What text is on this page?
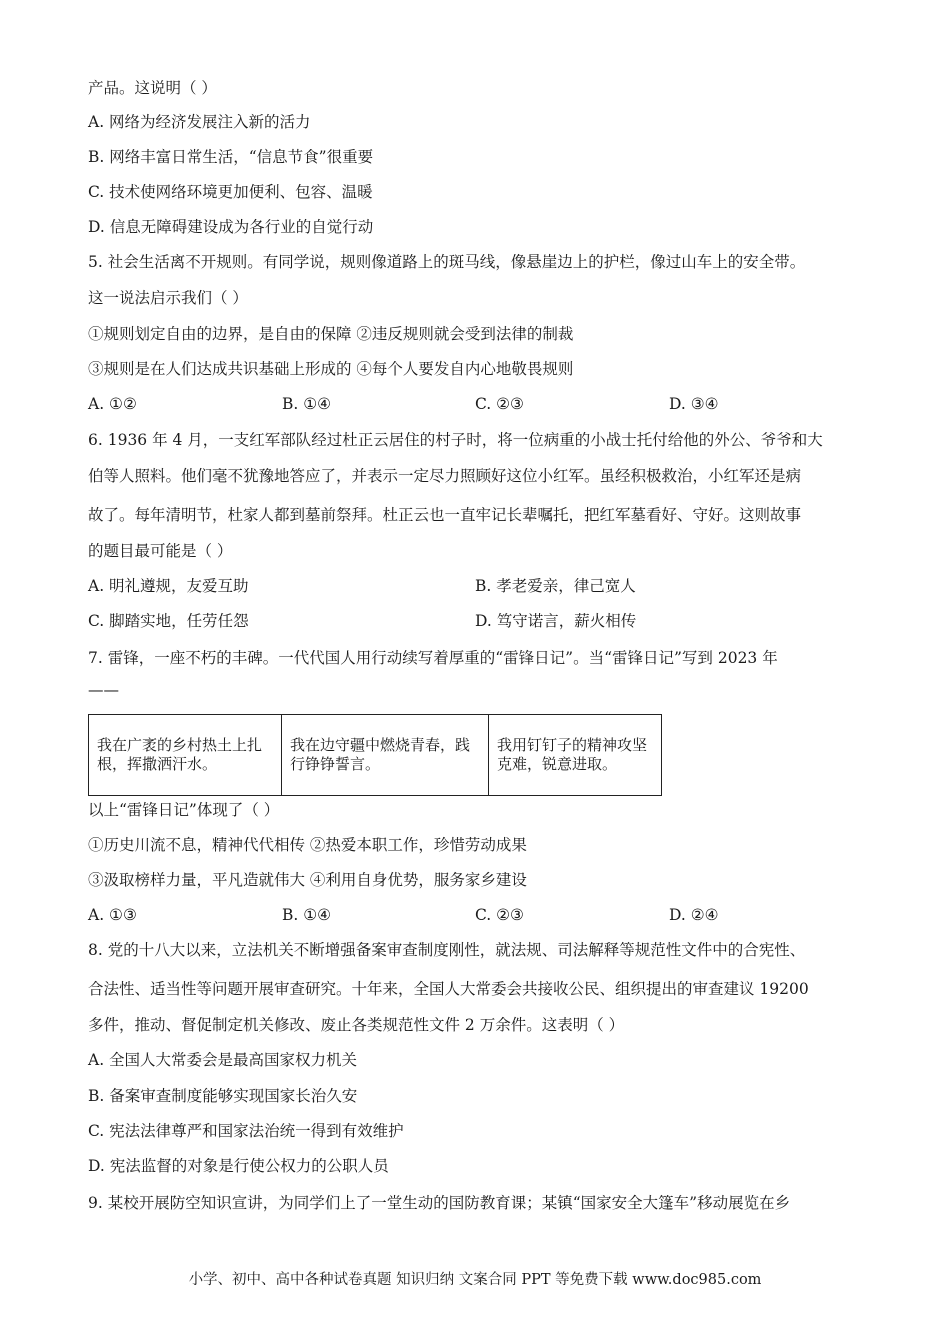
产品。这说明（ ）
A. 网络为经济发展注入新的活力
B. 网络丰富日常生活，“信息节食”很重要
C. 技术使网络环境更加便利、包容、温暖
D. 信息无障碍建设成为各行业的自觉行动
5. 社会生活离不开规则。有同学说，规则像道路上的斑马线，像悬崖边上的护栏，像过山车上的安全带。
这一说法启示我们（ ）
①规则划定自由的边界，是自由的保障 ②违反规则就会受到法律的制裁
③规则是在人们达成共识基础上形成的 ④每个人要发自内心地敬畏规则
A. ①②	B. ①④	C. ②③	D. ③④
6. 1936 年 4 月，一支红军部队经过杜正云居住的村子时，将一位病重的小战士托付给他的外公、爷爷和大
伯等人照料。他们毫不犹豫地答应了，并表示一定尽力照顾好这位小红军。虽经积极救治，小红军还是病
故了。每年清明节，杜家人都到墓前祭拜。杜正云也一直牢记长辈嘱托，把红军墓看好、守好。这则故事
的题目最可能是（ ）
A. 明礼遵规，友爱互助	B. 孝老爱亲，律己宽人
C. 脚踏实地，任劳任怨	D. 笃守诺言，薪火相传
7. 雷锋，一座不朽的丰碑。一代代国人用行动续写着厚重的“雷锋日记”。当“雷锋日记”写到 2023 年
——
我在广袤的乡村热土上扎根，挥撒洒汗水。	我在边守疆中燃烧青春，践行铮铮誓言。	我用钉钉子的精神攻坚克难，锐意进取。
以上“雷锋日记”体现了（ ）
①历史川流不息，精神代代相传 ②热爱本职工作，珍惜劳动成果
③汲取榜样力量，平凡造就伟大 ④利用自身优势，服务家乡建设
A. ①③	B. ①④	C. ②③	D. ②④
8. 党的十八大以来，立法机关不断增强备案审查制度刚性，就法规、司法解释等规范性文件中的合宪性、
合法性、适当性等问题开展审查研究。十年来，全国人大常委会共接收公民、组织提出的审查建议 19200
多件，推动、督促制定机关修改、废止各类规范性文件 2 万余件。这表明（ ）
A. 全国人大常委会是最高国家权力机关
B. 备案审查制度能够实现国家长治久安
C. 宪法法律尊严和国家法治统一得到有效维护
D. 宪法监督的对象是行使公权力的公职人员
9. 某校开展防空知识宣讲，为同学们上了一堂生动的国防教育课；某镇“国家安全大篷车”移动展览在乡
小学、初中、高中各种试卷真题 知识归纳 文案合同 PPT 等免费下载 www.doc985.com
